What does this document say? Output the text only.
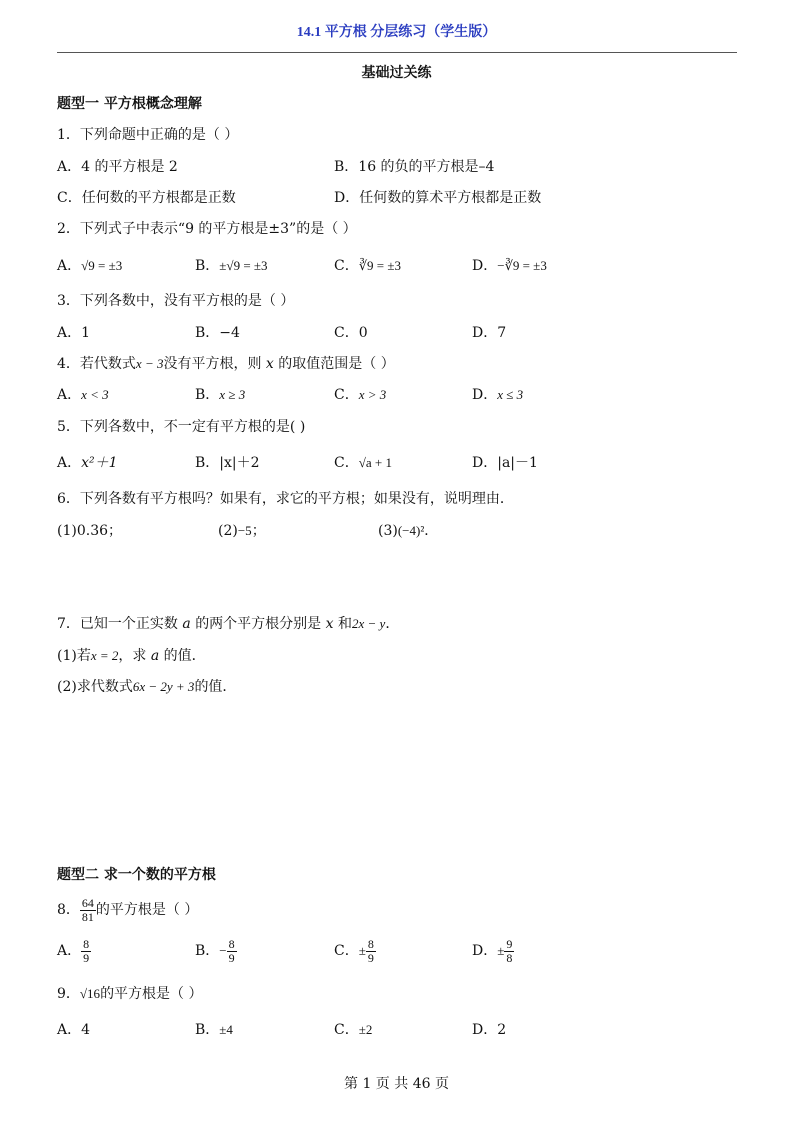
14.1 平方根 分层练习（学生版）
基础过关练
题型一 平方根概念理解
1．下列命题中正确的是（ ）
A．4 的平方根是 2	B．16 的负的平方根是–4
C．任何数的平方根都是正数	D．任何数的算术平方根都是正数
2．下列式子中表示“9 的平方根是±3”的是（ ）
A．√9 = ±3	B．±√9 = ±3	C．∛9 = ±3	D．−∛9 = ±3
3．下列各数中，没有平方根的是（ ）
A．1	B．−4	C．0	D．7
4．若代数式x − 3没有平方根，则 x 的取值范围是（ ）
A．x < 3	B．x ≥ 3	C．x > 3	D．x ≤ 3
5．下列各数中，不一定有平方根的是( )
A．x²＋1	B．|x|＋2	C．√a + 1	D．|a|－1
6．下列各数有平方根吗？如果有，求它的平方根；如果没有，说明理由．
(1)0.36；	(2)−5；	(3)(−4)²．
7．已知一个正实数 a 的两个平方根分别是 x 和2x − y．
(1)若x = 2，求 a 的值．
(2)求代数式6x − 2y + 3的值．
题型二 求一个数的平方根
8． $\frac{64}{81}$ 的平方根是（ ）
A． $\frac{8}{9}$	B．− $\frac{8}{9}$	C．± $\frac{8}{9}$	D．± $\frac{9}{8}$
9．√16的平方根是（ ）
A．4	B．±4	C．±2	D．2
第 1 页 共 46 页
